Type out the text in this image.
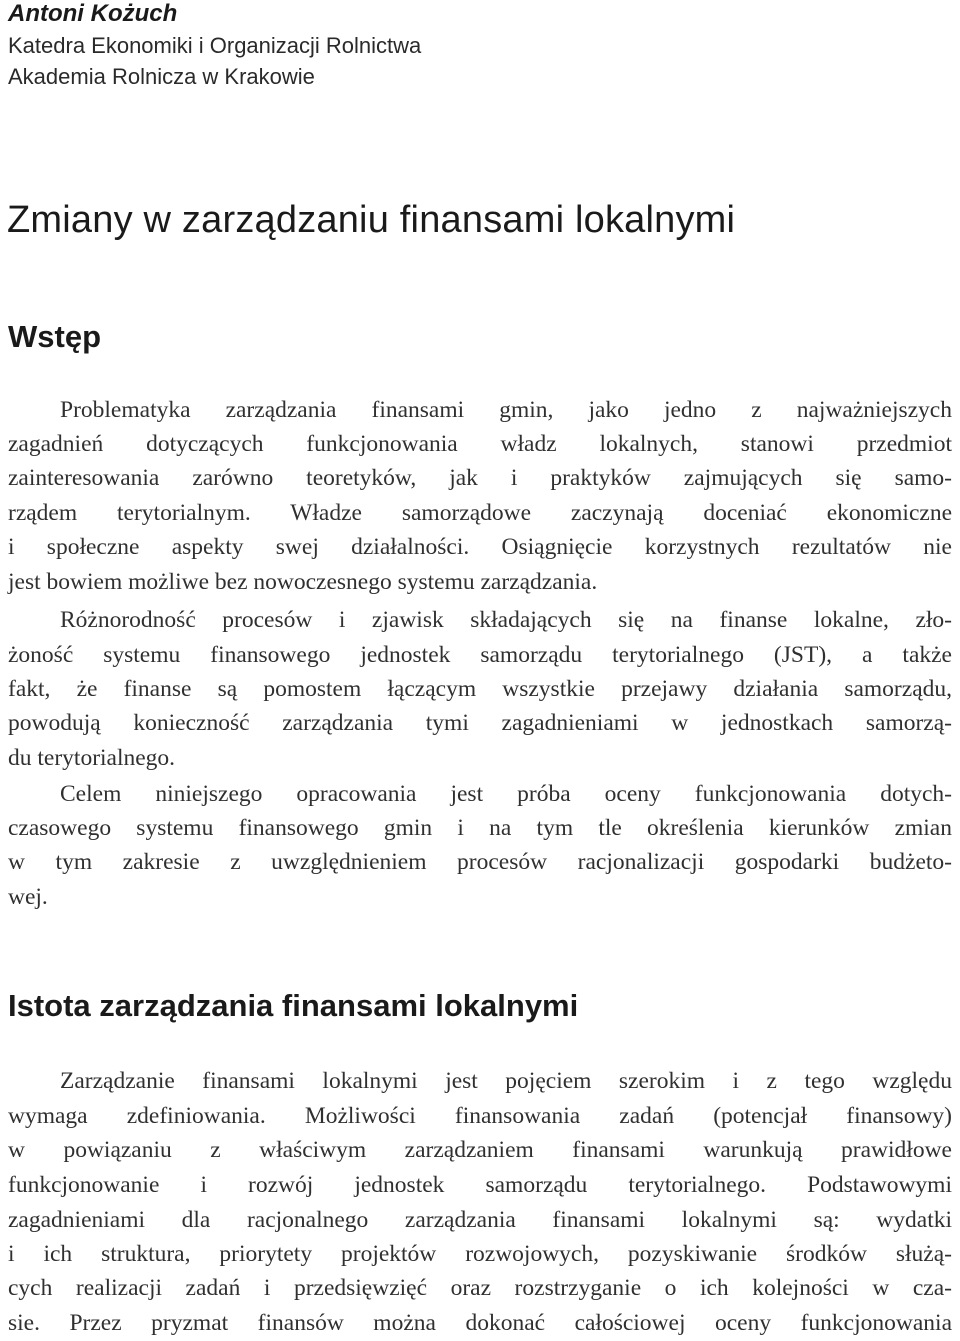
Antoni Kożuch
Katedra Ekonomiki i Organizacji Rolnictwa
Akademia Rolnicza w Krakowie
Zmiany w zarządzaniu finansami lokalnymi
Wstęp
Problematyka zarządzania finansami gmin, jako jedno z najważniejszych
zagadnień dotyczących funkcjonowania władz lokalnych, stanowi przedmiot
zainteresowania zarówno teoretyków, jak i praktyków zajmujących się samo-
rządem terytorialnym. Władze samorządowe zaczynają doceniać ekonomiczne
i społeczne aspekty swej działalności. Osiągnięcie korzystnych rezultatów nie
jest bowiem możliwe bez nowoczesnego systemu zarządzania.
Różnorodność procesów i zjawisk składających się na finanse lokalne, zło-
żoność systemu finansowego jednostek samorządu terytorialnego (JST), a także
fakt, że finanse są pomostem łączącym wszystkie przejawy działania samorządu,
powodują konieczność zarządzania tymi zagadnieniami w jednostkach samorzą-
du terytorialnego.
Celem niniejszego opracowania jest próba oceny funkcjonowania dotych-
czasowego systemu finansowego gmin i na tym tle określenia kierunków zmian
w tym zakresie z uwzględnieniem procesów racjonalizacji gospodarki budżeto-
wej.
Istota zarządzania finansami lokalnymi
Zarządzanie finansami lokalnymi jest pojęciem szerokim i z tego względu
wymaga zdefiniowania. Możliwości finansowania zadań (potencjał finansowy)
w powiązaniu z właściwym zarządzaniem finansami warunkują prawidłowe
funkcjonowanie i rozwój jednostek samorządu terytorialnego. Podstawowymi
zagadnieniami dla racjonalnego zarządzania finansami lokalnymi są: wydatki
i ich struktura, priorytety projektów rozwojowych, pozyskiwanie środków służą-
cych realizacji zadań i przedsięwzięć oraz rozstrzyganie o ich kolejności w cza-
sie. Przez pryzmat finansów można dokonać całościowej oceny funkcjonowania
